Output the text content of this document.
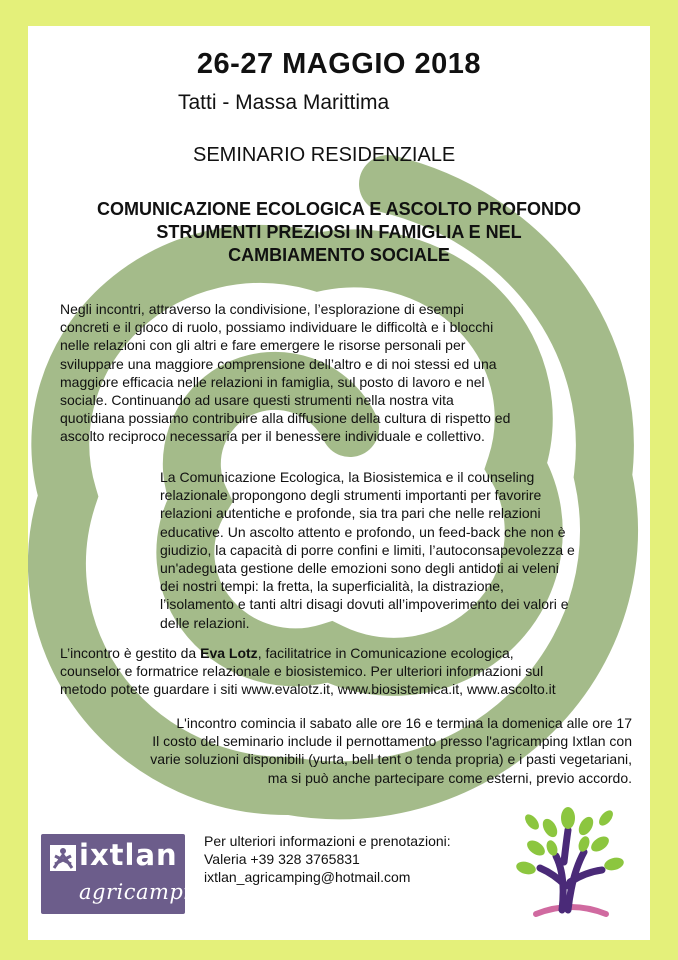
26-27 MAGGIO 2018
Tatti - Massa Marittima
SEMINARIO RESIDENZIALE
COMUNICAZIONE ECOLOGICA E ASCOLTO PROFONDO
STRUMENTI PREZIOSI IN FAMIGLIA E NEL
CAMBIAMENTO SOCIALE
Negli incontri, attraverso la condivisione, l’esplorazione di esempi
concreti e il gioco di ruolo, possiamo individuare le difficoltà e i blocchi
nelle relazioni con gli altri e fare emergere le risorse personali per
sviluppare una maggiore comprensione dell’altro e di noi stessi ed una
maggiore efficacia nelle relazioni in famiglia, sul posto di lavoro e nel
sociale. Continuando ad usare questi strumenti nella nostra vita
quotidiana possiamo contribuire alla diffusione della cultura di rispetto ed
ascolto reciproco necessaria per il benessere individuale e collettivo.
La Comunicazione Ecologica, la Biosistemica e il counseling
relazionale propongono degli strumenti importanti per favorire
relazioni autentiche e profonde, sia tra pari che nelle relazioni
educative. Un ascolto attento e profondo, un feed-back che non è
giudizio, la capacità di porre confini e limiti, l’autoconsapevolezza e
un'adeguata gestione delle emozioni sono degli antidoti ai veleni
dei nostri tempi: la fretta, la superficialità, la distrazione,
l’isolamento e tanti altri disagi dovuti all’impoverimento dei valori e
delle relazioni.
L’incontro è gestito da Eva Lotz, facilitatrice in Comunicazione ecologica,
counselor e formatrice relazionale e biosistemico. Per ulteriori informazioni sul
metodo potete guardare i siti www.evalotz.it, www.biosistemica.it, www.ascolto.it
L'incontro comincia il sabato alle ore 16 e termina la domenica alle ore 17
Il costo del seminario include il pernottamento presso l'agricamping Ixtlan con
varie soluzioni disponibili (yurta, bell tent o tenda propria) e i pasti vegetariani,
ma si può anche partecipare come esterni, previo accordo.
ixtlan
agricamping
Per ulteriori informazioni e prenotazioni:
Valeria +39 328 3765831
ixtlan_agricamping@hotmail.com
